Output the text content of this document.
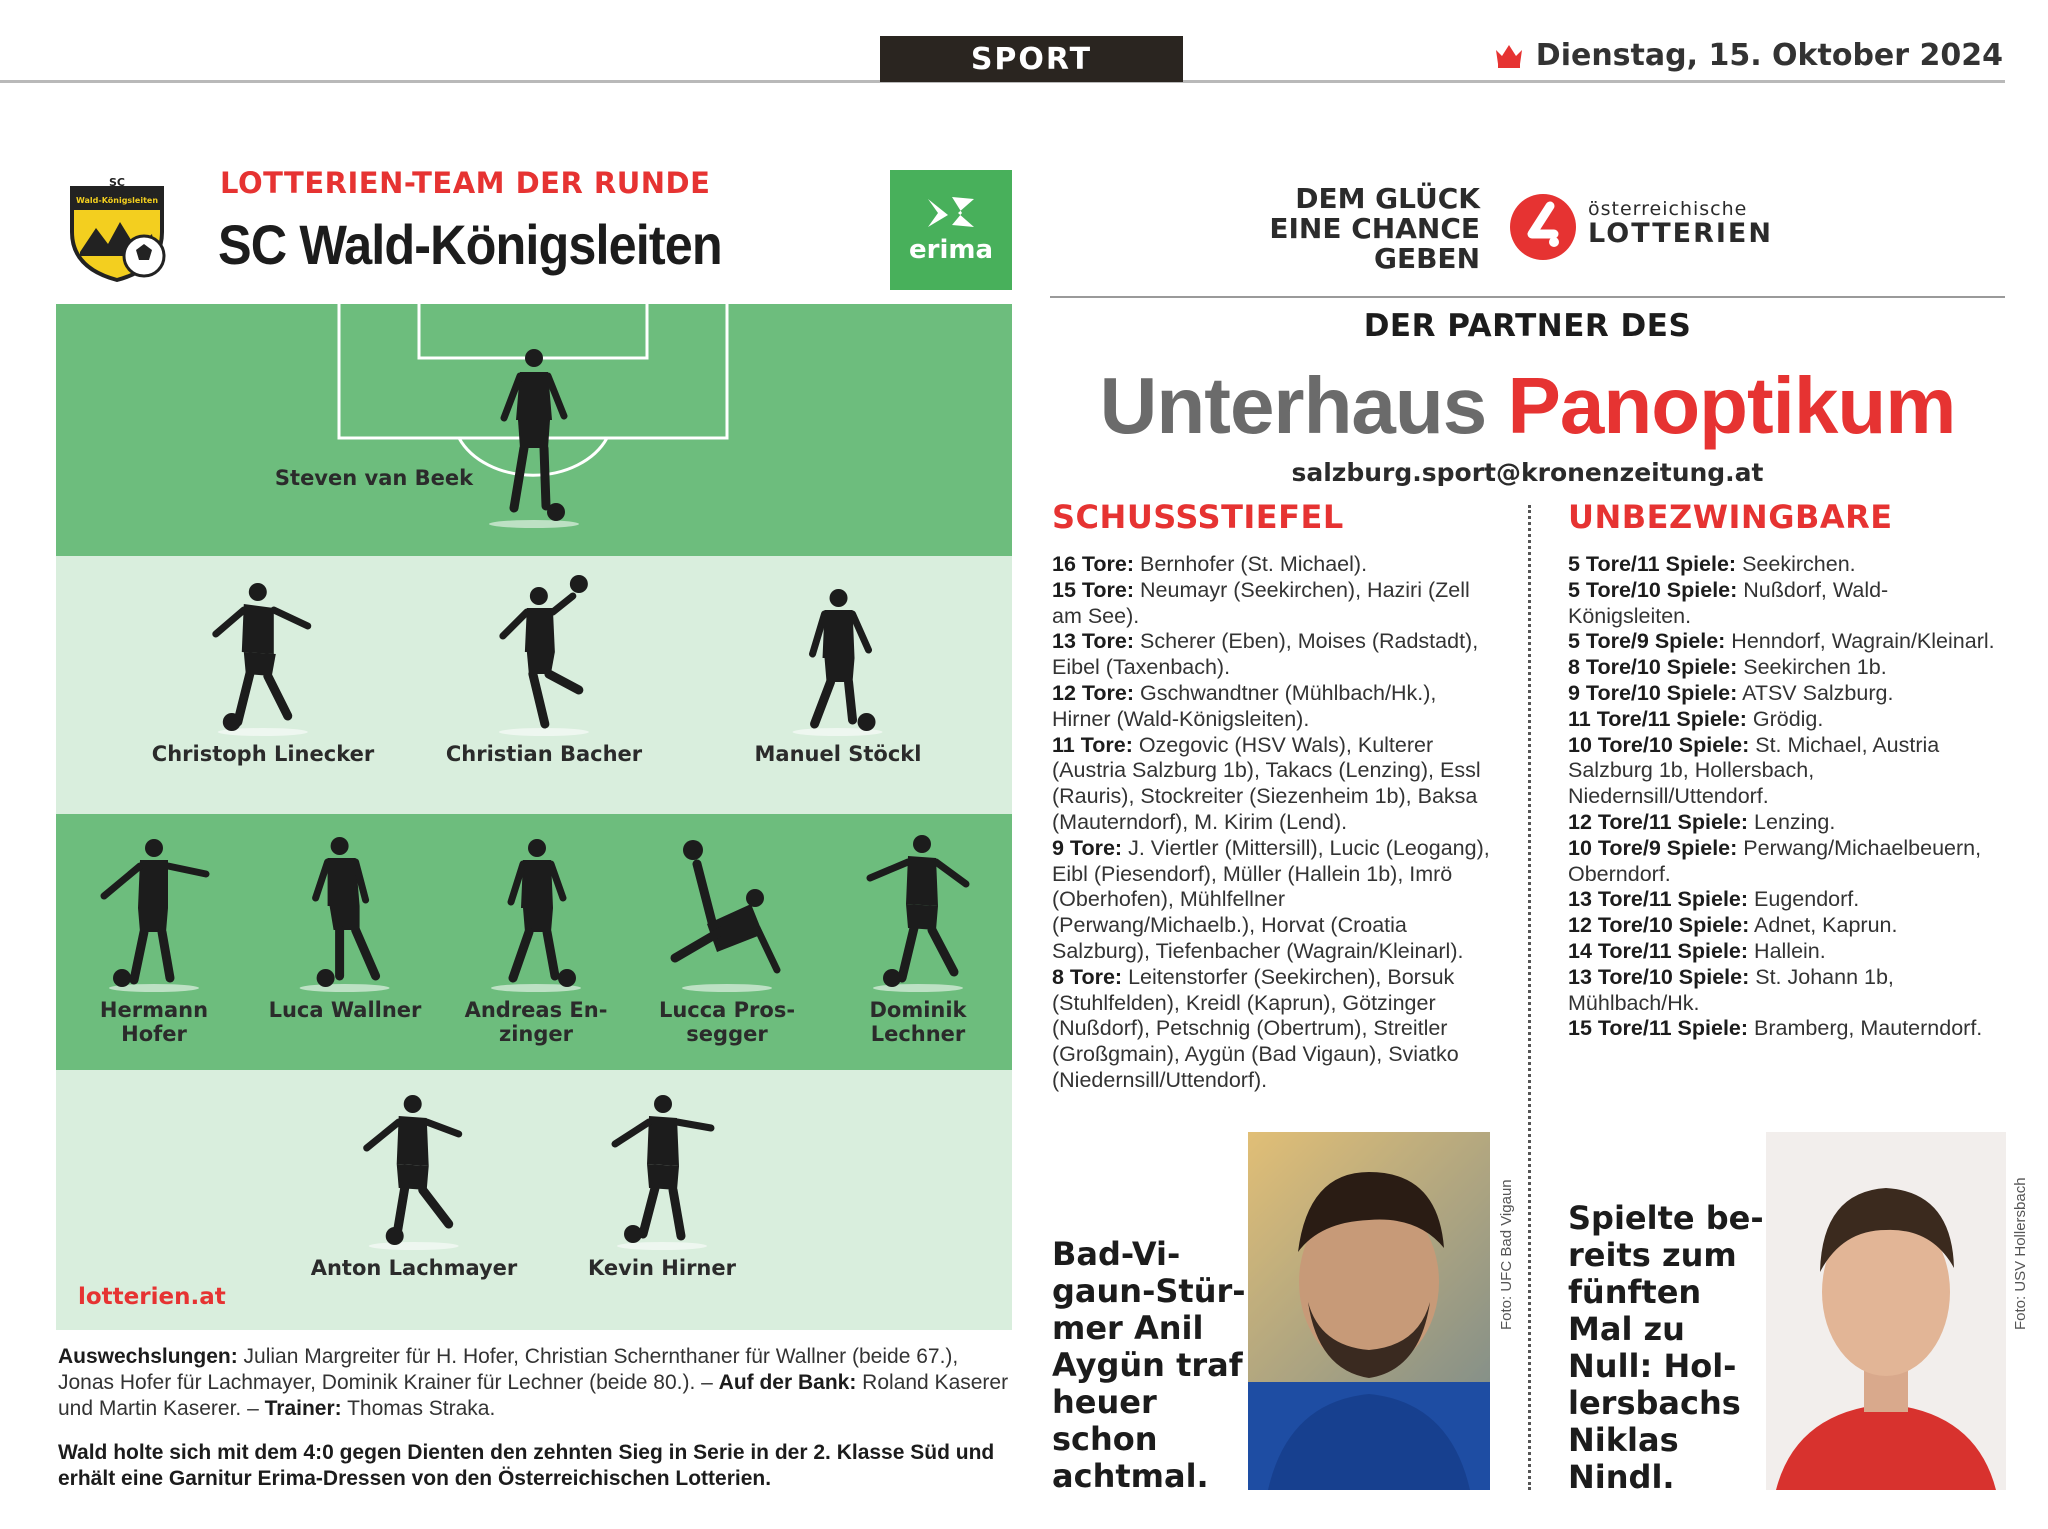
SPORT	Dienstag, 15. Oktober 2024
SC
Wald-Königsleiten
LOTTERIEN-TEAM DER RUNDE
SC Wald-Königsleiten	erima
Steven van Beek
Christoph Linecker	Christian Bacher	Manuel Stöckl
Hermann Hofer
Luca Wallner Andreas En-zinger
Lucca Pros-segger
Dominik Lechner
Anton Lachmayer	Kevin Hirner
lotterien.at
Auswechslungen: Julian Margreiter für H. Hofer, Christian Schernthaner für Wallner (beide 67.), Jonas Hofer für Lachmayer, Dominik Krainer für Lechner (beide 80.). – Auf der Bank: Roland Kaserer und Martin Kaserer. – Trainer: Thomas Straka.
Wald holte sich mit dem 4:0 gegen Dienten den zehnten Sieg in Serie in der 2. Klasse Süd und erhält eine Garnitur Erima-Dressen von den Österreichischen Lotterien.
DEM GLÜCK
EINE CHANCE
GEBEN
österreichische
LOTTERIEN
DER PARTNER DES
Unterhaus Panoptikum
salzburg.sport@kronenzeitung.at
SCHUSSSTIEFEL

16 Tore: Bernhofer (St. Michael).

15 Tore: Neumayr (Seekirchen), Haziri (Zell am See).

13 Tore: Scherer (Eben), Moises (Radstadt), Eibel (Taxenbach).

12 Tore: Gschwandtner (Mühlbach/Hk.), Hirner (Wald-Königsleiten).

11 Tore: Ozegovic (HSV Wals), Kulterer (Austria Salzburg 1b), Takacs (Lenzing), Essl (Rauris), Stockreiter (Siezenheim 1b), Baksa (Mauterndorf), M. Kirim (Lend).

9 Tore: J. Viertler (Mittersill), Lucic (Leogang), Eibl (Piesendorf), Müller (Hallein 1b), Imrö (Oberhofen), Mühlfellner (Perwang/Michaelb.), Horvat (Croatia Salzburg), Tiefenbacher (Wagrain/Kleinarl).

8 Tore: Leitenstorfer (Seekirchen), Borsuk (Stuhlfelden), Kreidl (Kaprun), Götzinger (Nußdorf), Petschnig (Obertrum), Streitler (Großgmain), Aygün (Bad Vigaun), Sviatko (Niedernsill/Uttendorf).

UNBEZWINGBARE

5 Tore/11 Spiele: Seekirchen.

5 Tore/10 Spiele: Nußdorf, Wald-Königsleiten.

5 Tore/9 Spiele: Henndorf, Wagrain/Kleinarl.

8 Tore/10 Spiele: Seekirchen 1b.

9 Tore/10 Spiele: ATSV Salzburg.

11 Tore/11 Spiele: Grödig.

10 Tore/10 Spiele: St. Michael, Austria Salzburg 1b, Hollersbach, Niedernsill/Uttendorf.

12 Tore/11 Spiele: Lenzing.

10 Tore/9 Spiele: Perwang/Michaelbeuern, Oberndorf.

13 Tore/11 Spiele: Eugendorf.

12 Tore/10 Spiele: Adnet, Kaprun.

14 Tore/11 Spiele: Hallein.

13 Tore/10 Spiele: St. Johann 1b, Mühlbach/Hk.

15 Tore/11 Spiele: Bramberg, Mauterndorf.

Bad-Vi-
gaun-Stür-
mer Anil
Aygün traf
heuer
schon
achtmal.
Foto: UFC Bad Vigaun Spielte be-
reits zum
fünften
Mal zu
Null: Hol-
lersbachs
Niklas
Nindl.
Foto: USV Hollersbach
